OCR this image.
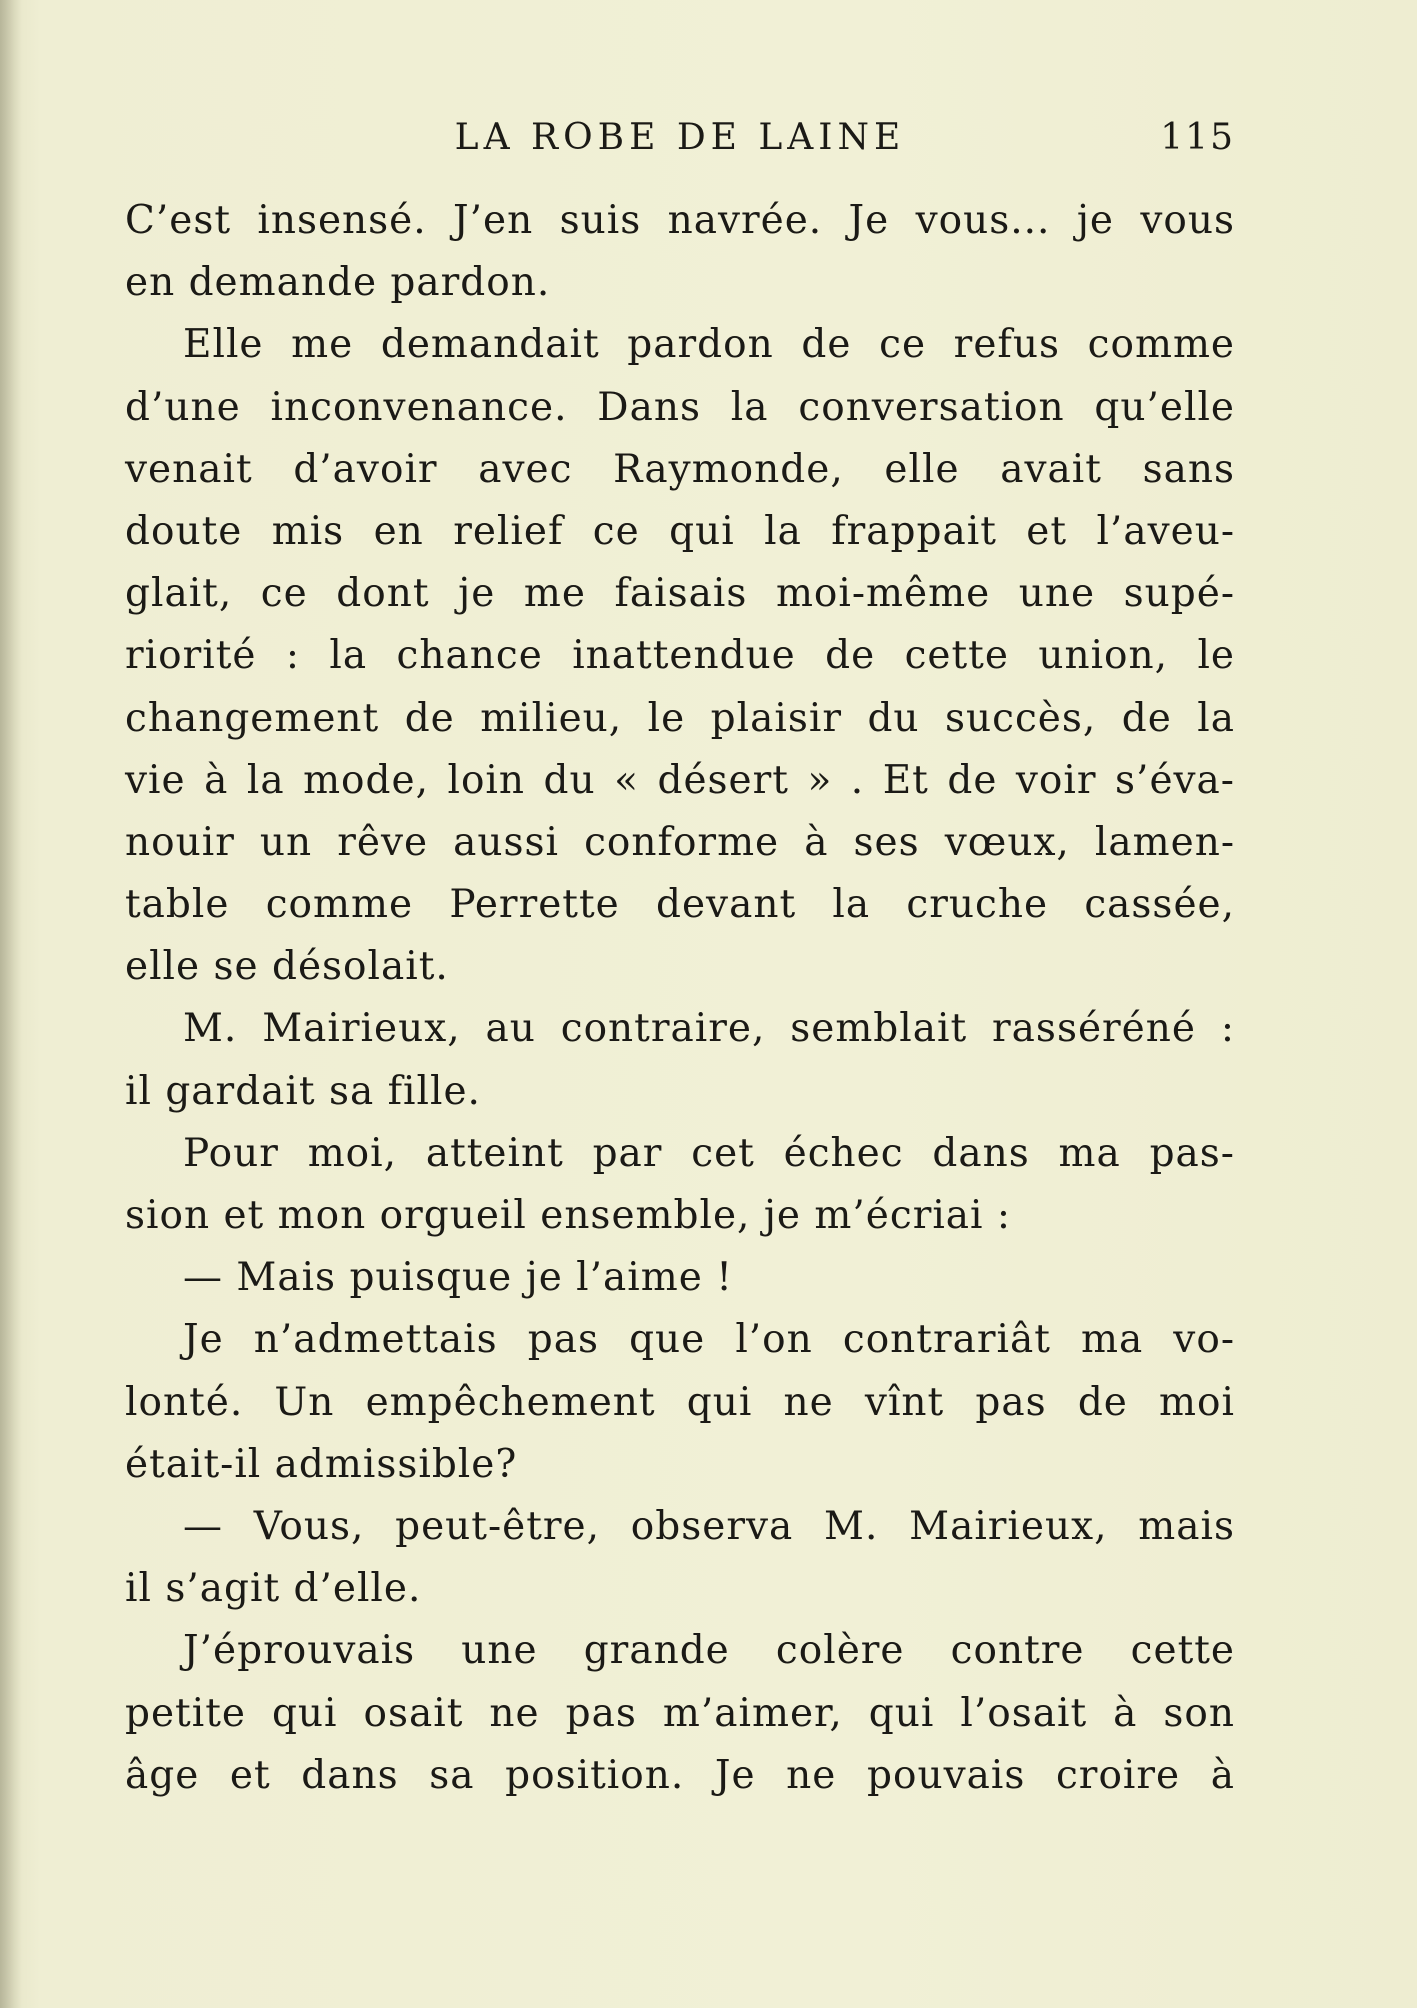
LA ROBE DE LAINE	115
C’est insensé. J’en suis navrée. Je vous... je vous
en demande pardon.
Elle me demandait pardon de ce refus comme
d’une inconvenance. Dans la conversation qu’elle
venait d’avoir avec Raymonde, elle avait sans
doute mis en relief ce qui la frappait et l’aveu-
glait, ce dont je me faisais moi-même une supé-
riorité : la chance inattendue de cette union, le
changement de milieu, le plaisir du succès, de la
vie à la mode, loin du « désert » . Et de voir s’éva-
nouir un rêve aussi conforme à ses vœux, lamen-
table comme Perrette devant la cruche cassée,
elle se désolait.
M. Mairieux, au contraire, semblait rasséréné :
il gardait sa fille.
Pour moi, atteint par cet échec dans ma pas-
sion et mon orgueil ensemble, je m’écriai :
— Mais puisque je l’aime !
Je n’admettais pas que l’on contrariât ma vo-
lonté. Un empêchement qui ne vînt pas de moi
était-il admissible?
— Vous, peut-être, observa M. Mairieux, mais
il s’agit d’elle.
J’éprouvais une grande colère contre cette
petite qui osait ne pas m’aimer, qui l’osait à son
âge et dans sa position. Je ne pouvais croire à
